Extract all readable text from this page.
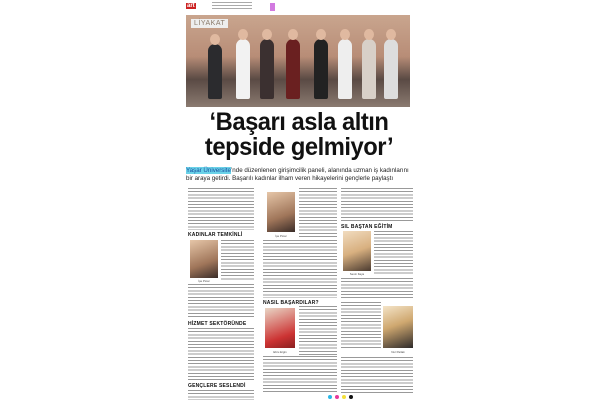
art
LİYAKAT
‘Başarı asla altın
tepside gelmiyor’
Yaşar Üniversite’nde düzenlenen girişimcilik paneli, alanında uzman iş kadınlarını bir araya getirdi. Başarılı kadınlar ilham veren hikayelerini gençlerle paylaştı
KADINLAR TEMKİNLİ
İpe Pınar
HİZMET SEKTÖRÜNDE
GENÇLERE SESLENDİ
İpe Pınar
NASIL BAŞARDILAR?
Ebru Ergin
SIL BAŞTAN EĞİTİM
Sevin Kaya
Nur Parlak
